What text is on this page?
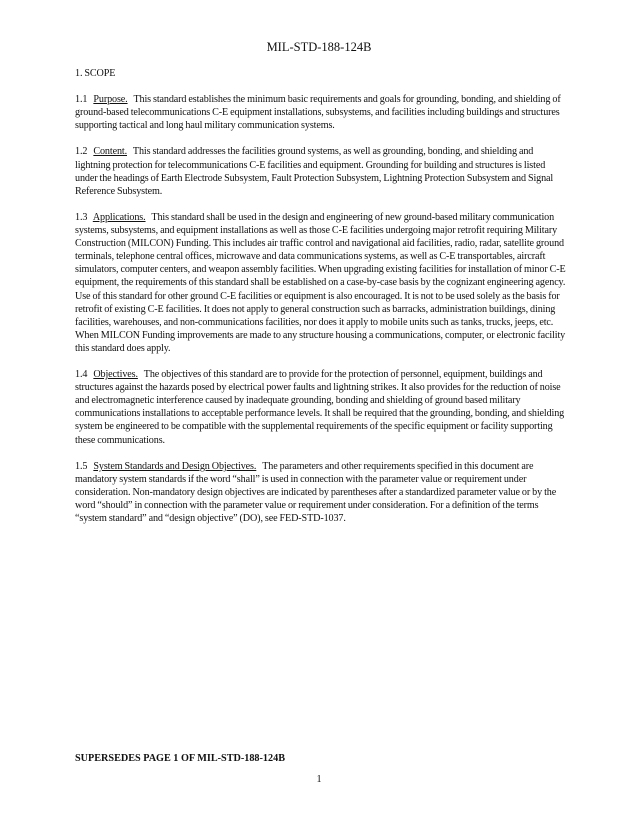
MIL-STD-188-124B
1. SCOPE

1.1 Purpose. This standard establishes the minimum basic requirements and goals for grounding, bonding, and shielding of ground-based telecommunications C-E equipment installations, subsystems, and facilities including buildings and structures supporting tactical and long haul military communication systems.

1.2 Content. This standard addresses the facilities ground systems, as well as grounding, bonding, and shielding and lightning protection for telecommunications C-E facilities and equipment. Grounding for building and structures is listed under the headings of Earth Electrode Subsystem, Fault Protection Subsystem, Lightning Protection Subsystem and Signal Reference Subsystem.

1.3 Applications. This standard shall be used in the design and engineering of new ground-based military communication systems, subsystems, and equipment installations as well as those C-E facilities undergoing major retrofit requiring Military Construction (MILCON) Funding. This includes air traffic control and navigational aid facilities, radio, radar, satellite ground terminals, telephone central offices, microwave and data communications systems, as well as C-E transportables, aircraft simulators, computer centers, and weapon assembly facilities. When upgrading existing facilities for installation of minor C-E equipment, the requirements of this standard shall be established on a case-by-case basis by the cognizant engineering agency. Use of this standard for other ground C-E facilities or equipment is also encouraged. It is not to be used solely as the basis for retrofit of existing C-E facilities. It does not apply to general construction such as barracks, administration buildings, dining facilities, warehouses, and non-communications facilities, nor does it apply to mobile units such as tanks, trucks, jeeps, etc. When MILCON Funding improvements are made to any structure housing a communications, computer, or electronic facility this standard does apply.

1.4 Objectives. The objectives of this standard are to provide for the protection of personnel, equipment, buildings and structures against the hazards posed by electrical power faults and lightning strikes. It also provides for the reduction of noise and electromagnetic interference caused by inadequate grounding, bonding and shielding of ground based military communications installations to acceptable performance levels. It shall be required that the grounding, bonding, and shielding system be engineered to be compatible with the supplemental requirements of the specific equipment or facility supporting these communications.

1.5 System Standards and Design Objectives. The parameters and other requirements specified in this document are mandatory system standards if the word “shall” is used in connection with the parameter value or requirement under consideration. Non-mandatory design objectives are indicated by parentheses after a standardized parameter value or by the word “should” in connection with the parameter value or requirement under consideration. For a definition of the terms “system standard” and “design objective” (DO), see FED-STD-1037.

SUPERSEDES PAGE 1 OF MIL-STD-188-124B
1
